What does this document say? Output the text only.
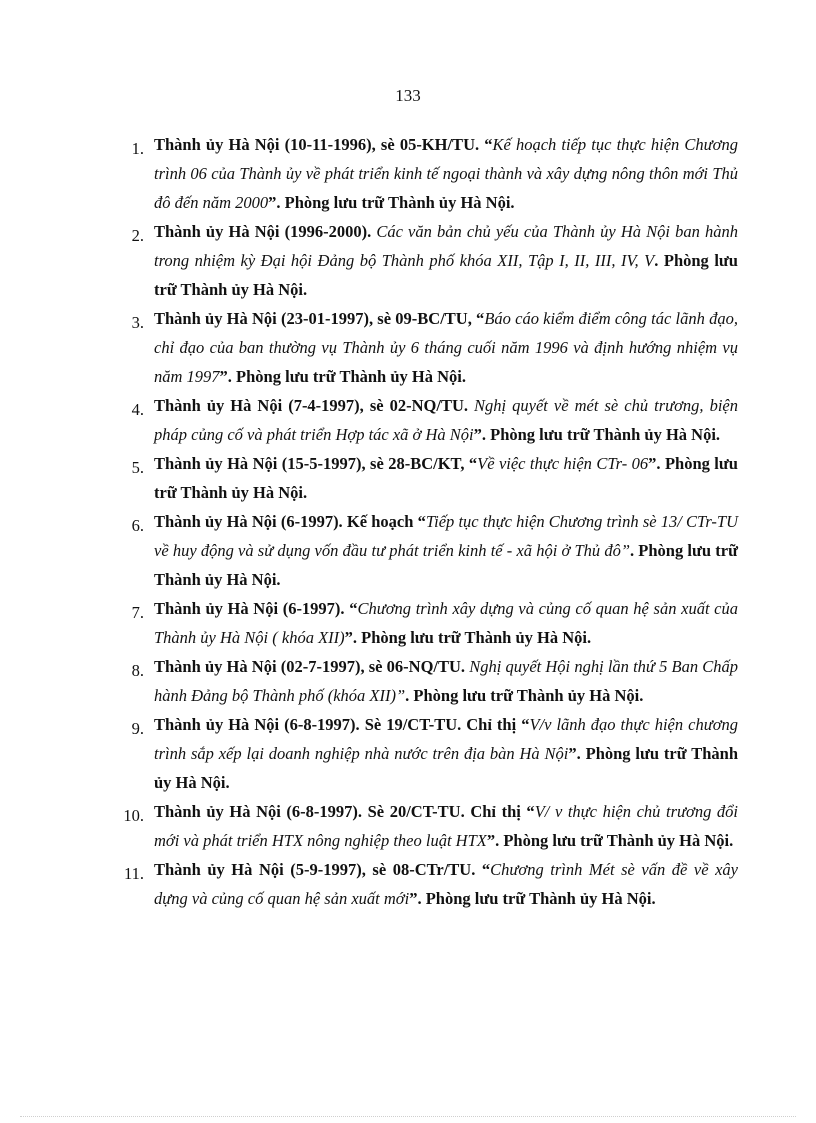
133
1. Thành ủy Hà Nội (10-11-1996), sè 05-KH/TU. “Kế hoạch tiếp tục thực hiện Chương trình 06 của Thành ủy về phát triển kinh tế ngoại thành và xây dựng nông thôn mới Thủ đô đến năm 2000”. Phòng lưu trữ Thành ủy Hà Nội.
2. Thành ủy Hà Nội (1996-2000). Các văn bản chủ yếu của Thành ủy Hà Nội ban hành trong nhiệm kỳ Đại hội Đảng bộ Thành phố khóa XII, Tập I, II, III, IV, V. Phòng lưu trữ Thành ủy Hà Nội.
3. Thành ủy Hà Nội (23-01-1997), sè 09-BC/TU, “Báo cáo kiểm điểm công tác lãnh đạo, chỉ đạo của ban thường vụ Thành ủy 6 tháng cuối năm 1996 và định hướng nhiệm vụ năm 1997”. Phòng lưu trữ Thành ủy Hà Nội.
4. Thành ủy Hà Nội (7-4-1997), sè 02-NQ/TU. Nghị quyết về mét sè chủ trương, biện pháp củng cố và phát triển Hợp tác xã ở Hà Nội”. Phòng lưu trữ Thành ủy Hà Nội.
5. Thành ủy Hà Nội (15-5-1997), sè 28-BC/KT, “Về việc thực hiện CTr- 06”. Phòng lưu trữ Thành ủy Hà Nội.
6. Thành ủy Hà Nội (6-1997). Kế hoạch “Tiếp tục thực hiện Chương trình sè 13/ CTr-TU về huy động và sử dụng vốn đầu tư phát triển kinh tế - xã hội ở Thủ đô”. Phòng lưu trữ Thành ủy Hà Nội.
7. Thành ủy Hà Nội (6-1997). “Chương trình xây dựng và củng cố quan hệ sản xuất của Thành ủy Hà Nội ( khóa XII)”. Phòng lưu trữ Thành ủy Hà Nội.
8. Thành ủy Hà Nội (02-7-1997), sè 06-NQ/TU. Nghị quyết Hội nghị lần thứ 5 Ban Chấp hành Đảng bộ Thành phố (khóa XII)”. Phòng lưu trữ Thành ủy Hà Nội.
9. Thành ủy Hà Nội (6-8-1997). Sè 19/CT-TU. Chỉ thị “V/v lãnh đạo thực hiện chương trình sắp xếp lại doanh nghiệp nhà nước trên địa bàn Hà Nội”. Phòng lưu trữ Thành ủy Hà Nội.
10. Thành ủy Hà Nội (6-8-1997). Sè 20/CT-TU. Chỉ thị “V/ v thực hiện chủ trương đổi mới và phát triển HTX nông nghiệp theo luật HTX”. Phòng lưu trữ Thành ủy Hà Nội.
11. Thành ủy Hà Nội (5-9-1997), sè 08-CTr/TU. “Chương trình Mét sè vấn đề về xây dựng và củng cố quan hệ sản xuất mới”. Phòng lưu trữ Thành ủy Hà Nội.
